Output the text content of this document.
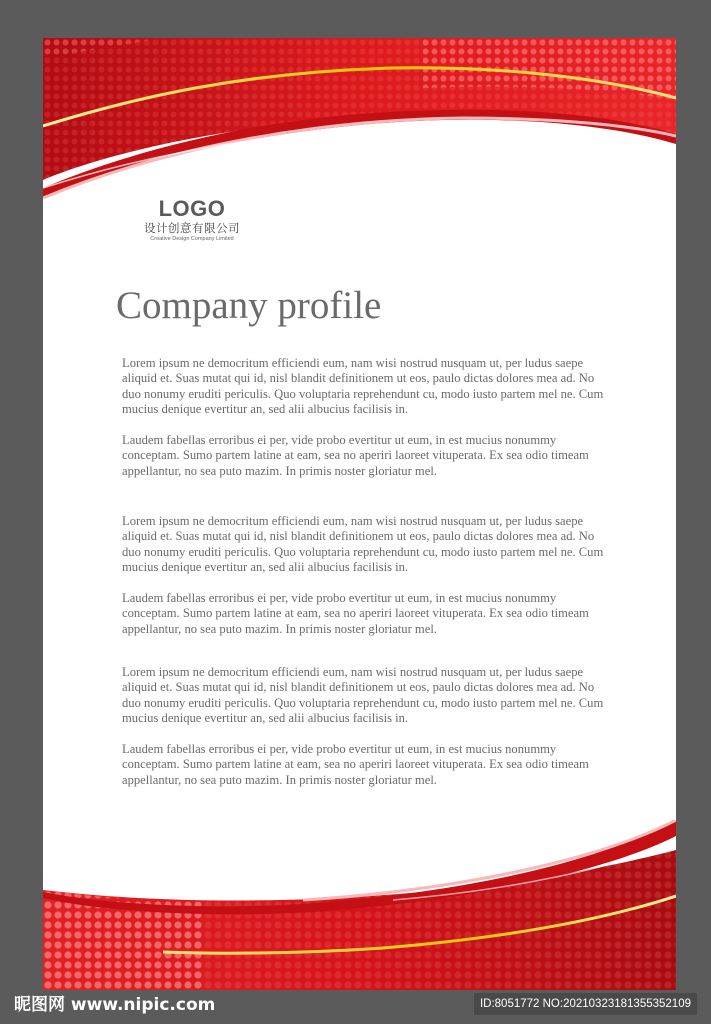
LOGO
设计创意有限公司
Creative Design Company Limited
Company profile

Lorem ipsum ne democritum efficiendi eum, nam wisi nostrud nusquam ut, per ludus saepe aliquid et. Suas mutat qui id, nisl blandit definitionem ut eos, paulo dictas dolores mea ad. No duo nonumy eruditi periculis. Quo voluptaria reprehendunt cu, modo iusto partem mel ne. Cum mucius denique evertitur an, sed alii albucius facilisis in.

Laudem fabellas erroribus ei per, vide probo evertitur ut eum, in est mucius nonummy conceptam. Sumo partem latine at eam, sea no aperiri laoreet vituperata. Ex sea odio timeam appellantur, no sea puto mazim. In primis noster gloriatur mel.

Lorem ipsum ne democritum efficiendi eum, nam wisi nostrud nusquam ut, per ludus saepe aliquid et. Suas mutat qui id, nisl blandit definitionem ut eos, paulo dictas dolores mea ad. No duo nonumy eruditi periculis. Quo voluptaria reprehendunt cu, modo iusto partem mel ne. Cum mucius denique evertitur an, sed alii albucius facilisis in.

Laudem fabellas erroribus ei per, vide probo evertitur ut eum, in est mucius nonummy conceptam. Sumo partem latine at eam, sea no aperiri laoreet vituperata. Ex sea odio timeam appellantur, no sea puto mazim. In primis noster gloriatur mel.

Lorem ipsum ne democritum efficiendi eum, nam wisi nostrud nusquam ut, per ludus saepe aliquid et. Suas mutat qui id, nisl blandit definitionem ut eos, paulo dictas dolores mea ad. No duo nonumy eruditi periculis. Quo voluptaria reprehendunt cu, modo iusto partem mel ne. Cum mucius denique evertitur an, sed alii albucius facilisis in.

Laudem fabellas erroribus ei per, vide probo evertitur ut eum, in est mucius nonummy conceptam. Sumo partem latine at eam, sea no aperiri laoreet vituperata. Ex sea odio timeam appellantur, no sea puto mazim. In primis noster gloriatur mel.

昵图网 www.nipic.com	ID:8051772 NO:20210323181355352109
